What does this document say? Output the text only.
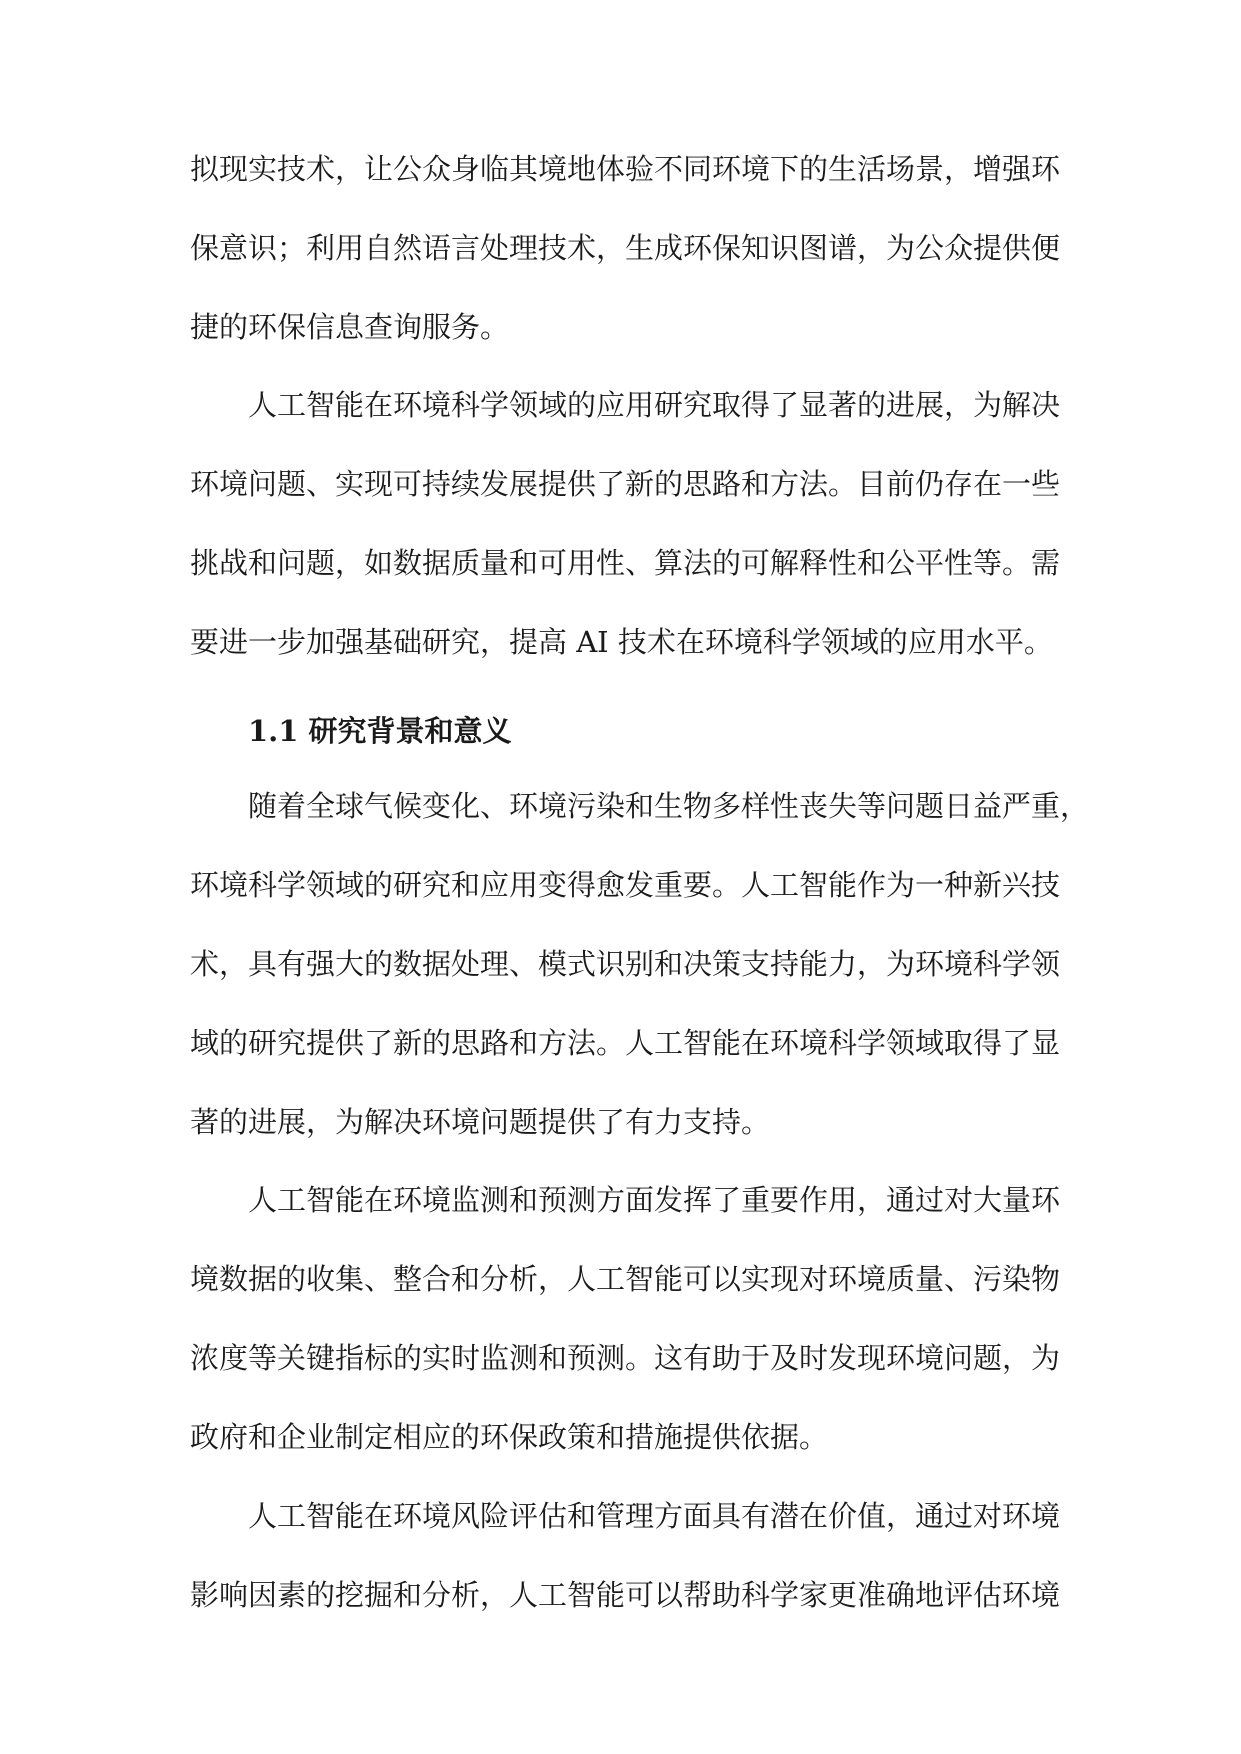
拟现实技术，让公众身临其境地体验不同环境下的生活场景，增强环
保意识；利用自然语言处理技术，生成环保知识图谱，为公众提供便
捷的环保信息查询服务。
人工智能在环境科学领域的应用研究取得了显著的进展，为解决
环境问题、实现可持续发展提供了新的思路和方法。目前仍存在一些
挑战和问题，如数据质量和可用性、算法的可解释性和公平性等。需
要进一步加强基础研究，提高 AI 技术在环境科学领域的应用水平。
1.1 研究背景和意义
随着全球气候变化、环境污染和生物多样性丧失等问题日益严重，
环境科学领域的研究和应用变得愈发重要。人工智能作为一种新兴技
术，具有强大的数据处理、模式识别和决策支持能力，为环境科学领
域的研究提供了新的思路和方法。人工智能在环境科学领域取得了显
著的进展，为解决环境问题提供了有力支持。
人工智能在环境监测和预测方面发挥了重要作用，通过对大量环
境数据的收集、整合和分析，人工智能可以实现对环境质量、污染物
浓度等关键指标的实时监测和预测。这有助于及时发现环境问题，为
政府和企业制定相应的环保政策和措施提供依据。
人工智能在环境风险评估和管理方面具有潜在价值，通过对环境
影响因素的挖掘和分析，人工智能可以帮助科学家更准确地评估环境
